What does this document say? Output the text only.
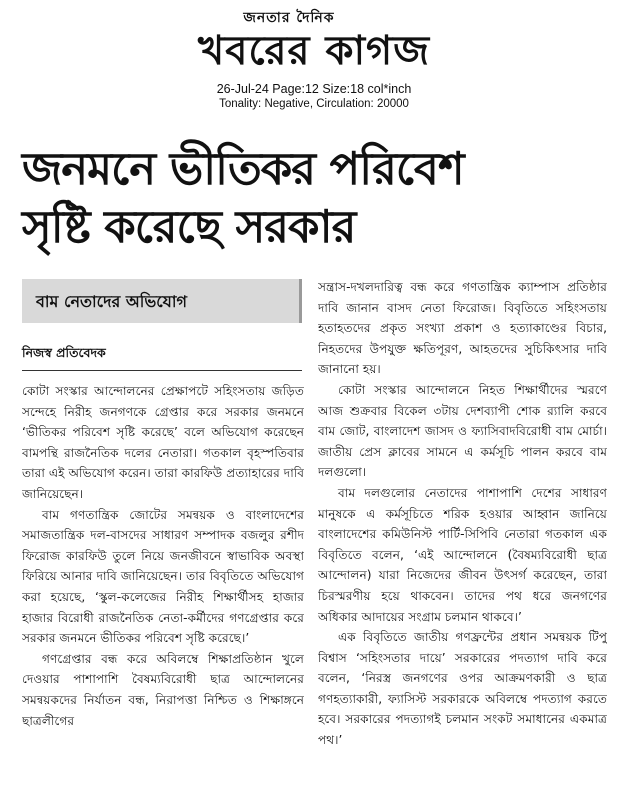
জনতার দৈনিক
খবরের কাগজ
26-Jul-24 Page:12 Size:18 col*inch
Tonality: Negative, Circulation: 20000
জনমনে ভীতিকর পরিবেশ
সৃষ্টি করেছে সরকার
বাম নেতাদের অভিযোগ
নিজস্ব প্রতিবেদক

কোটা সংস্কার আন্দোলনের প্রেক্ষাপটে সহিংসতায় জড়িত সন্দেহে নিরীহ জনগণকে গ্রেপ্তার করে সরকার জনমনে ‘ভীতিকর পরিবেশ সৃষ্টি করেছে’ বলে অভিযোগ করেছেন বামপন্থি রাজনৈতিক দলের নেতারা। গতকাল বৃহস্পতিবার তারা এই অভিযোগ করেন। তারা কারফিউ প্রত্যাহারের দাবি জানিয়েছেন।

বাম গণতান্ত্রিক জোটের সমন্বয়ক ও বাংলাদেশের সমাজতান্ত্রিক দল-বাসদের সাধারণ সম্পাদক বজলুর রশীদ ফিরোজ কারফিউ তুলে নিয়ে জনজীবনে স্বাভাবিক অবস্থা ফিরিয়ে আনার দাবি জানিয়েছেন। তার বিবৃতিতে অভিযোগ করা হয়েছে, ‘স্কুল-কলেজের নিরীহ শিক্ষার্থীসহ হাজার হাজার বিরোধী রাজনৈতিক নেতা-কর্মীদের গণগ্রেপ্তার করে সরকার জনমনে ভীতিকর পরিবেশ সৃষ্টি করেছে।’

গণগ্রেপ্তার বন্ধ করে অবিলম্বে শিক্ষাপ্রতিষ্ঠান খুলে দেওয়ার পাশাপাশি বৈষম্যবিরোধী ছাত্র আন্দোলনের সমন্বয়কদের নির্যাতন বন্ধ, নিরাপত্তা নিশ্চিত ও শিক্ষাঙ্গনে ছাত্রলীগের

সন্ত্রাস-দখলদারিত্ব বন্ধ করে গণতান্ত্রিক ক্যাম্পাস প্রতিষ্ঠার দাবি জানান বাসদ নেতা ফিরোজ। বিবৃতিতে সহিংসতায় হতাহতদের প্রকৃত সংখ্যা প্রকাশ ও হত্যাকাণ্ডের বিচার, নিহতদের উপযুক্ত ক্ষতিপূরণ, আহতদের সুচিকিৎসার দাবি জানানো হয়।

কোটা সংস্কার আন্দোলনে নিহত শিক্ষার্থীদের স্মরণে আজ শুক্রবার বিকেল ৩টায় দেশব্যাপী শোক র‍্যালি করবে বাম জোট, বাংলাদেশ জাসদ ও ফ্যাসিবাদবিরোধী বাম মোর্চা। জাতীয় প্রেস ক্লাবের সামনে এ কর্মসূচি পালন করবে বাম দলগুলো।

বাম দলগুলোর নেতাদের পাশাপাশি দেশের সাধারণ মানুষকে এ কর্মসূচিতে শরিক হওয়ার আহ্বান জানিয়ে বাংলাদেশের কমিউনিস্ট পার্টি-সিপিবি নেতারা গতকাল এক বিবৃতিতে বলেন, ‘এই আন্দোলনে (বৈষম্যবিরোধী ছাত্র আন্দোলন) যারা নিজেদের জীবন উৎসর্গ করেছেন, তারা চিরস্মরণীয় হয়ে থাকবেন। তাদের পথ ধরে জনগণের অধিকার আদায়ের সংগ্রাম চলমান থাকবে।’

এক বিবৃতিতে জাতীয় গণফ্রন্টের প্রধান সমন্বয়ক টিপু বিশ্বাস ‘সহিংসতার দায়ে’ সরকারের পদত্যাগ দাবি করে বলেন, ‘নিরস্ত্র জনগণের ওপর আক্রমণকারী ও ছাত্র গণহত্যাকারী, ফ্যাসিস্ট সরকারকে অবিলম্বে পদত্যাগ করতে হবে। সরকারের পদত্যাগই চলমান সংকট সমাধানের একমাত্র পথ।’
